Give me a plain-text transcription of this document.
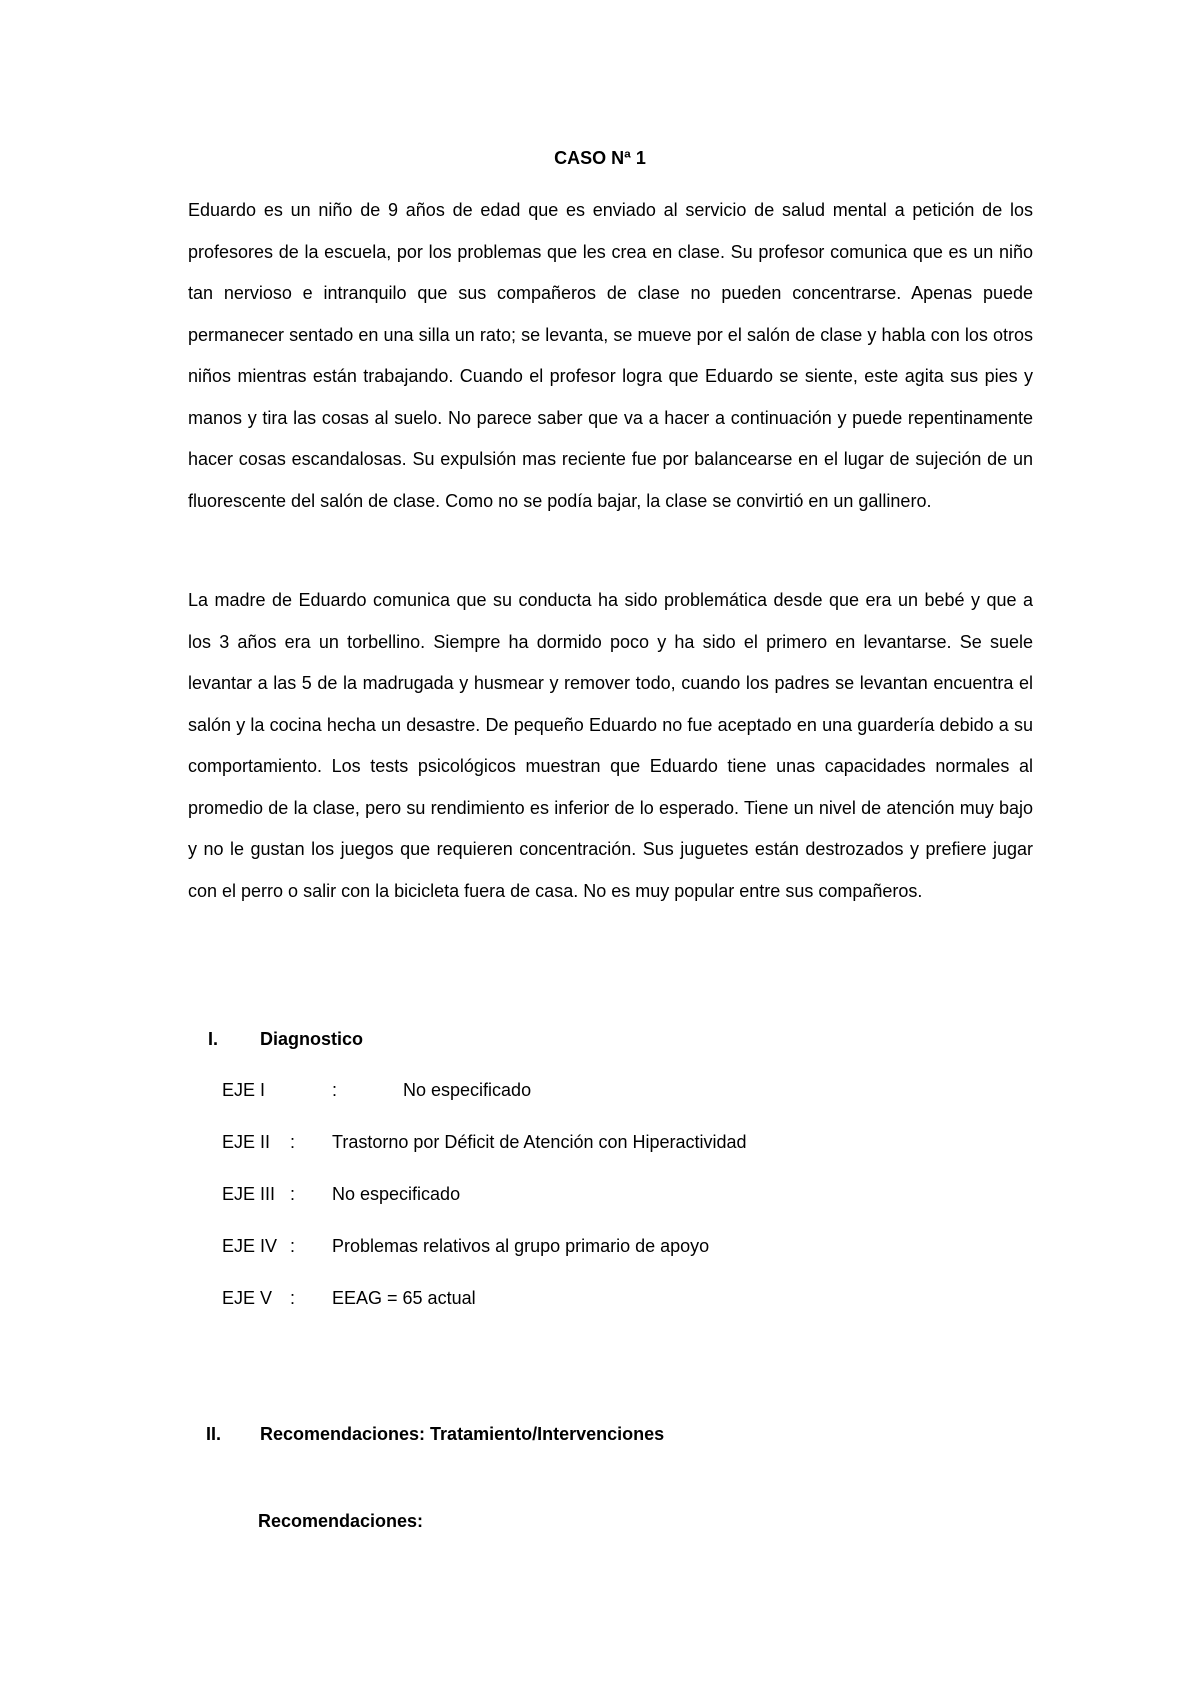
CASO Nª 1

Eduardo es un niño de 9 años de edad que es enviado al servicio de salud mental a petición de los profesores de la escuela, por los problemas que les crea en clase. Su profesor comunica que es un niño tan nervioso e intranquilo que sus compañeros de clase no pueden concentrarse. Apenas puede permanecer sentado en una silla un rato; se levanta, se mueve por el salón de clase y habla con los otros niños mientras están trabajando. Cuando el profesor logra que Eduardo se siente, este agita sus pies y manos y tira las cosas al suelo. No parece saber que va a hacer a continuación y puede repentinamente hacer cosas escandalosas. Su expulsión mas reciente fue por balancearse en el lugar de sujeción de un fluorescente del salón de clase. Como no se podía bajar, la clase se convirtió en un gallinero.

La madre de Eduardo comunica que su conducta ha sido problemática desde que era un bebé y que a los 3 años era un torbellino. Siempre ha dormido poco y ha sido el primero en levantarse. Se suele levantar a las 5 de la madrugada y husmear y remover todo, cuando los padres se levantan encuentra el salón y la cocina hecha un desastre. De pequeño Eduardo no fue aceptado en una guardería debido a su comportamiento. Los tests psicológicos muestran que Eduardo tiene unas capacidades normales al promedio de la clase, pero su rendimiento es inferior de lo esperado. Tiene un nivel de atención muy bajo y no le gustan los juegos que requieren concentración. Sus juguetes están destrozados y prefiere jugar con el perro o salir con la bicicleta fuera de casa. No es muy popular entre sus compañeros.

I. Diagnostico
EJE I	:	No especificado
EJE II : Trastorno por Déficit de Atención con Hiperactividad
EJE III : No especificado
EJE IV : Problemas relativos al grupo primario de apoyo
EJE V : EEAG = 65 actual
II. Recomendaciones: Tratamiento/Intervenciones
Recomendaciones:
